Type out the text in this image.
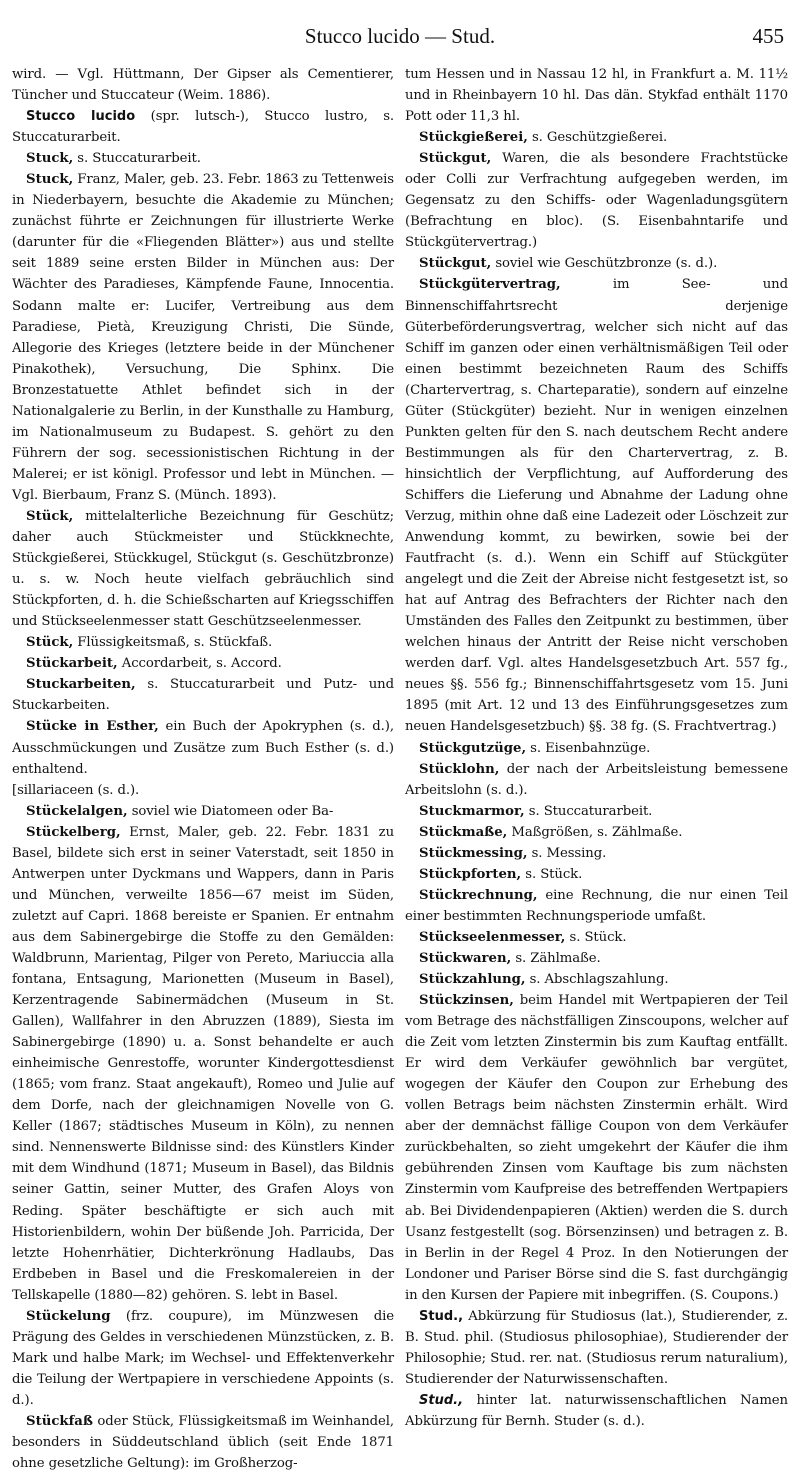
Stucco lucido — Stud.	455

wird. — Vgl. Hüttmann, Der Gipser als Cementierer, Tüncher und Stuccateur (Weim. 1886).

Stucco lucido (spr. lutsch-), Stucco lustro, s. Stuccaturarbeit.

Stuck, s. Stuccaturarbeit.

Stuck, Franz, Maler, geb. 23. Febr. 1863 zu Tettenweis in Niederbayern, besuchte die Akademie zu München; zunächst führte er Zeichnungen für illustrierte Werke (darunter für die «Fliegenden Blätter») aus und stellte seit 1889 seine ersten Bilder in München aus: Der Wächter des Paradieses, Kämpfende Faune, Innocentia. Sodann malte er: Lucifer, Vertreibung aus dem Paradiese, Pietà, Kreuzigung Christi, Die Sünde, Allegorie des Krieges (letztere beide in der Münchener Pinakothek), Versuchung, Die Sphinx. Die Bronzestatuette Athlet befindet sich in der Nationalgalerie zu Berlin, in der Kunsthalle zu Hamburg, im Nationalmuseum zu Budapest. S. gehört zu den Führern der sog. secessionistischen Richtung in der Malerei; er ist königl. Professor und lebt in München. — Vgl. Bierbaum, Franz S. (Münch. 1893).

Stück, mittelalterliche Bezeichnung für Geschütz; daher auch Stückmeister und Stückknechte, Stückgießerei, Stückkugel, Stückgut (s. Geschützbronze) u. s. w. Noch heute vielfach gebräuchlich sind Stückpforten, d. h. die Schießscharten auf Kriegsschiffen und Stückseelenmesser statt Geschützseelenmesser.

Stück, Flüssigkeitsmaß, s. Stückfaß.

Stückarbeit, Accordarbeit, s. Accord.

Stuckarbeiten, s. Stuccaturarbeit und Putz- und Stuckarbeiten.

Stücke in Esther, ein Buch der Apokryphen (s. d.), Ausschmückungen und Zusätze zum Buch Esther (s. d.) enthaltend.

[sillariaceen (s. d.).

Stückelalgen, soviel wie Diatomeen oder Ba-

Stückelberg, Ernst, Maler, geb. 22. Febr. 1831 zu Basel, bildete sich erst in seiner Vaterstadt, seit 1850 in Antwerpen unter Dyckmans und Wappers, dann in Paris und München, verweilte 1856—67 meist im Süden, zuletzt auf Capri. 1868 bereiste er Spanien. Er entnahm aus dem Sabinergebirge die Stoffe zu den Gemälden: Waldbrunn, Marientag, Pilger von Pereto, Mariuccia alla fontana, Entsagung, Marionetten (Museum in Basel), Kerzentragende Sabinermädchen (Museum in St. Gallen), Wallfahrer in den Abruzzen (1889), Siesta im Sabinergebirge (1890) u. a. Sonst behandelte er auch einheimische Genrestoffe, worunter Kindergottesdienst (1865; vom franz. Staat angekauft), Romeo und Julie auf dem Dorfe, nach der gleichnamigen Novelle von G. Keller (1867; städtisches Museum in Köln), zu nennen sind. Nennenswerte Bildnisse sind: des Künstlers Kinder mit dem Windhund (1871; Museum in Basel), das Bildnis seiner Gattin, seiner Mutter, des Grafen Aloys von Reding. Später beschäftigte er sich auch mit Historienbildern, wohin Der büßende Joh. Parricida, Der letzte Hohenrhätier, Dichterkrönung Hadlaubs, Das Erdbeben in Basel und die Freskomalereien in der Tellskapelle (1880—82) gehören. S. lebt in Basel.

Stückelung (frz. coupure), im Münzwesen die Prägung des Geldes in verschiedenen Münzstücken, z. B. Mark und halbe Mark; im Wechsel- und Effektenverkehr die Teilung der Wertpapiere in verschiedene Appoints (s. d.).

Stückfaß oder Stück, Flüssigkeitsmaß im Weinhandel, besonders in Süddeutschland üblich (seit Ende 1871 ohne gesetzliche Geltung): im Großherzog-

tum Hessen und in Nassau 12 hl, in Frankfurt a. M. 11½ und in Rheinbayern 10 hl. Das dän. Stykfad enthält 1170 Pott oder 11,3 hl.

Stückgießerei, s. Geschützgießerei.

Stückgut, Waren, die als besondere Frachtstücke oder Colli zur Verfrachtung aufgegeben werden, im Gegensatz zu den Schiffs- oder Wagenladungsgütern (Befrachtung en bloc). (S. Eisenbahntarife und Stückgütervertrag.)

Stückgut, soviel wie Geschützbronze (s. d.).

Stückgütervertrag, im See- und Binnenschiffahrtsrecht derjenige Güterbeförderungsvertrag, welcher sich nicht auf das Schiff im ganzen oder einen verhältnismäßigen Teil oder einen bestimmt bezeichneten Raum des Schiffs (Chartervertrag, s. Charteparatie), sondern auf einzelne Güter (Stückgüter) bezieht. Nur in wenigen einzelnen Punkten gelten für den S. nach deutschem Recht andere Bestimmungen als für den Chartervertrag, z. B. hinsichtlich der Verpflichtung, auf Aufforderung des Schiffers die Lieferung und Abnahme der Ladung ohne Verzug, mithin ohne daß eine Ladezeit oder Löschzeit zur Anwendung kommt, zu bewirken, sowie bei der Fautfracht (s. d.). Wenn ein Schiff auf Stückgüter angelegt und die Zeit der Abreise nicht festgesetzt ist, so hat auf Antrag des Befrachters der Richter nach den Umständen des Falles den Zeitpunkt zu bestimmen, über welchen hinaus der Antritt der Reise nicht verschoben werden darf. Vgl. altes Handelsgesetzbuch Art. 557 fg., neues §§. 556 fg.; Binnenschiffahrtsgesetz vom 15. Juni 1895 (mit Art. 12 und 13 des Einführungsgesetzes zum neuen Handelsgesetzbuch) §§. 38 fg. (S. Frachtvertrag.)

Stückgutzüge, s. Eisenbahnzüge.

Stücklohn, der nach der Arbeitsleistung bemessene Arbeitslohn (s. d.).

Stuckmarmor, s. Stuccaturarbeit.

Stückmaße, Maßgrößen, s. Zählmaße.

Stückmessing, s. Messing.

Stückpforten, s. Stück.

Stückrechnung, eine Rechnung, die nur einen Teil einer bestimmten Rechnungsperiode umfaßt.

Stückseelenmesser, s. Stück.

Stückwaren, s. Zählmaße.

Stückzahlung, s. Abschlagszahlung.

Stückzinsen, beim Handel mit Wertpapieren der Teil vom Betrage des nächstfälligen Zinscoupons, welcher auf die Zeit vom letzten Zinstermin bis zum Kauftag entfällt. Er wird dem Verkäufer gewöhnlich bar vergütet, wogegen der Käufer den Coupon zur Erhebung des vollen Betrags beim nächsten Zinstermin erhält. Wird aber der demnächst fällige Coupon von dem Verkäufer zurückbehalten, so zieht umgekehrt der Käufer die ihm gebührenden Zinsen vom Kauftage bis zum nächsten Zinstermin vom Kaufpreise des betreffenden Wertpapiers ab. Bei Dividendenpapieren (Aktien) werden die S. durch Usanz festgestellt (sog. Börsenzinsen) und betragen z. B. in Berlin in der Regel 4 Proz. In den Notierungen der Londoner und Pariser Börse sind die S. fast durchgängig in den Kursen der Papiere mit inbegriffen. (S. Coupons.)

Stud., Abkürzung für Studiosus (lat.), Studierender, z. B. Stud. phil. (Studiosus philosophiae), Studierender der Philosophie; Stud. rer. nat. (Studiosus rerum naturalium), Studierender der Naturwissenschaften.

Stud., hinter lat. naturwissenschaftlichen Namen Abkürzung für Bernh. Studer (s. d.).
